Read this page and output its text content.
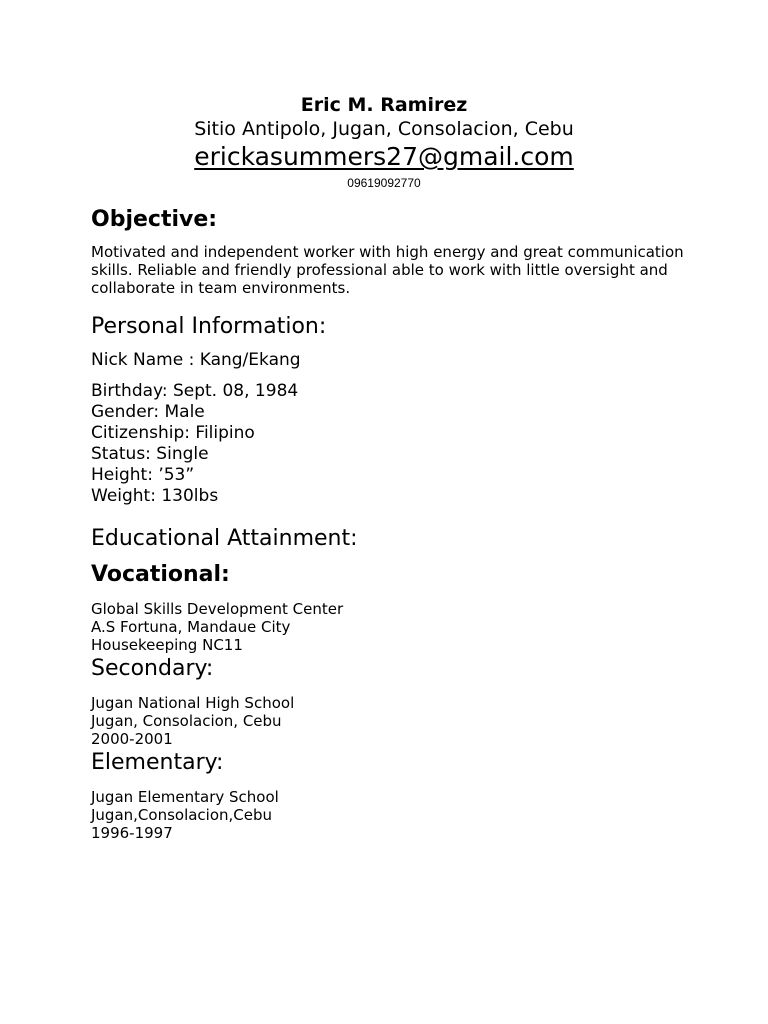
Eric M. Ramirez

Sitio Antipolo, Jugan, Consolacion, Cebu

erickasummers27@gmail.com

09619092770

Objective:

Motivated and independent worker with high energy and great communication skills. Reliable and friendly professional able to work with little oversight and collaborate in team environments.

Personal Information:

Nick Name : Kang/Ekang

Birthday: Sept. 08, 1984
Gender: Male
Citizenship: Filipino
Status: Single
Height: ’53”
Weight: 130lbs
Educational Attainment:
Vocational:
Global Skills Development Center
A.S Fortuna, Mandaue City
Housekeeping NC11
Secondary:
Jugan National High School
Jugan, Consolacion, Cebu
2000-2001
Elementary:
Jugan Elementary School
Jugan,Consolacion,Cebu
1996-1997
